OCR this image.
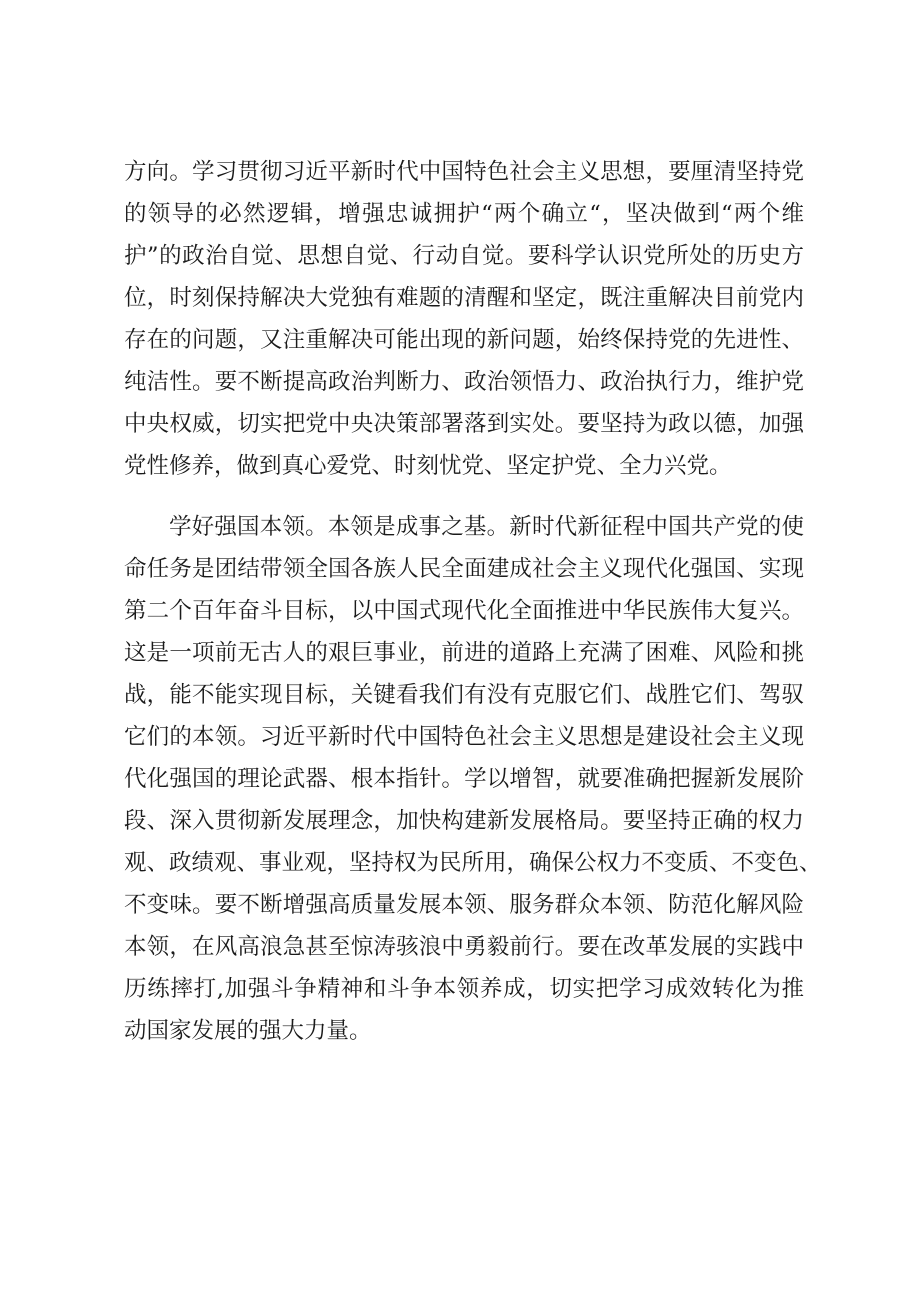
方向。学习贯彻习近平新时代中国特色社会主义思想，要厘清坚持党
的领导的必然逻辑，增强忠诚拥护“两个确立“，坚决做到“两个维
护”的政治自觉、思想自觉、行动自觉。要科学认识党所处的历史方
位，时刻保持解决大党独有难题的清醒和坚定，既注重解决目前党内
存在的问题，又注重解决可能出现的新问题，始终保持党的先进性、
纯洁性。要不断提高政治判断力、政治领悟力、政治执行力，维护党
中央权威，切实把党中央决策部署落到实处。要坚持为政以德，加强
党性修养，做到真心爱党、时刻忧党、坚定护党、全力兴党。
学好强国本领。本领是成事之基。新时代新征程中国共产党的使
命任务是团结带领全国各族人民全面建成社会主义现代化强国、实现
第二个百年奋斗目标，以中国式现代化全面推进中华民族伟大复兴。
这是一项前无古人的艰巨事业，前进的道路上充满了困难、风险和挑
战，能不能实现目标，关键看我们有没有克服它们、战胜它们、驾驭
它们的本领。习近平新时代中国特色社会主义思想是建设社会主义现
代化强国的理论武器、根本指针。学以增智，就要准确把握新发展阶
段、深入贯彻新发展理念，加快构建新发展格局。要坚持正确的权力
观、政绩观、事业观，坚持权为民所用，确保公权力不变质、不变色、
不变味。要不断增强高质量发展本领、服务群众本领、防范化解风险
本领，在风高浪急甚至惊涛骇浪中勇毅前行。要在改革发展的实践中
历练摔打,加强斗争精神和斗争本领养成，切实把学习成效转化为推
动国家发展的强大力量。
